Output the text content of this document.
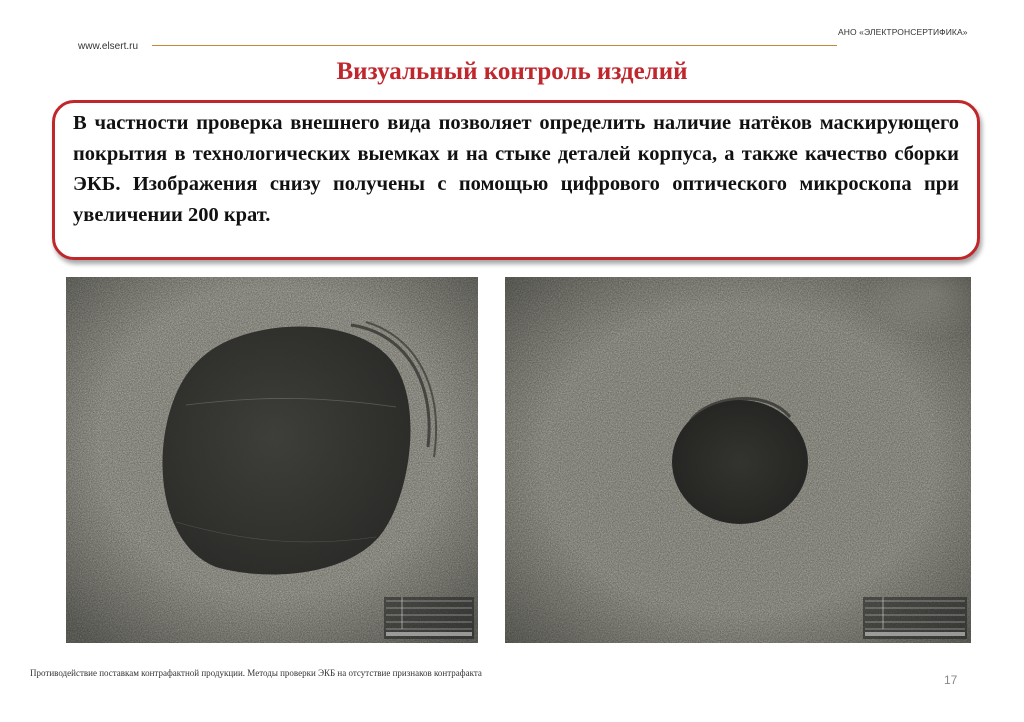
www.elsert.ru
АНО «ЭЛЕКТРОНСЕРТИФИКА»
Визуальный контроль изделий

В частности проверка внешнего вида позволяет определить наличие натёков маскирующего покрытия в технологических выемках и на стыке деталей корпуса, а также качество сборки ЭКБ. Изображения снизу получены с помощью цифрового оптического микроскопа при увеличении 200 крат.

Противодействие поставкам контрафактной продукции. Методы проверки ЭКБ на отсутствие признаков контрафакта	17
